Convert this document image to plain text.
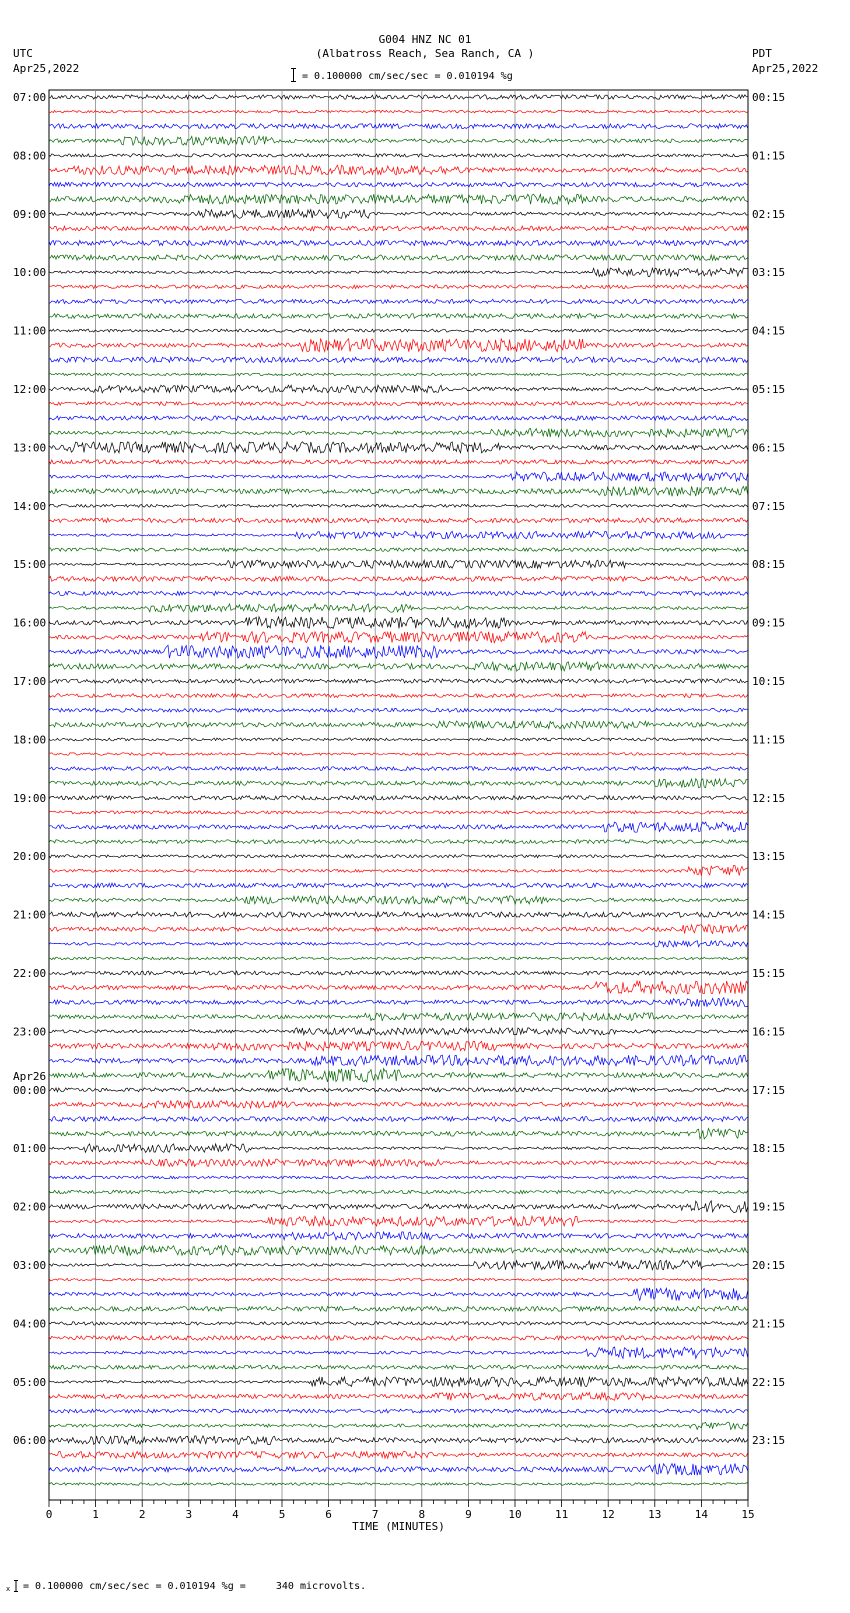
G004 HNZ NC 01
(Albatross Reach, Sea Ranch, CA )
UTC
Apr25,2022
PDT
Apr25,2022
= 0.100000 cm/sec/sec = 0.010194 %g
07:00
08:00
09:00
10:00
11:00
12:00
13:00
14:00
15:00
16:00
17:00
18:00
19:00
20:00
21:00
22:00
23:00
00:00
Apr26
01:00
02:00
03:00
04:00
05:00
06:00
00:15
01:15
02:15
03:15
04:15
05:15
06:15
07:15
08:15
09:15
10:15
11:15
12:15
13:15
14:15
15:15
16:15
17:15
18:15
19:15
20:15
21:15
22:15
23:15
0	1	2	3	4	5	6	7	8	9	10	11	12	13	14	15
TIME (MINUTES)
x = 0.100000 cm/sec/sec = 0.010194 %g =     340 microvolts.
